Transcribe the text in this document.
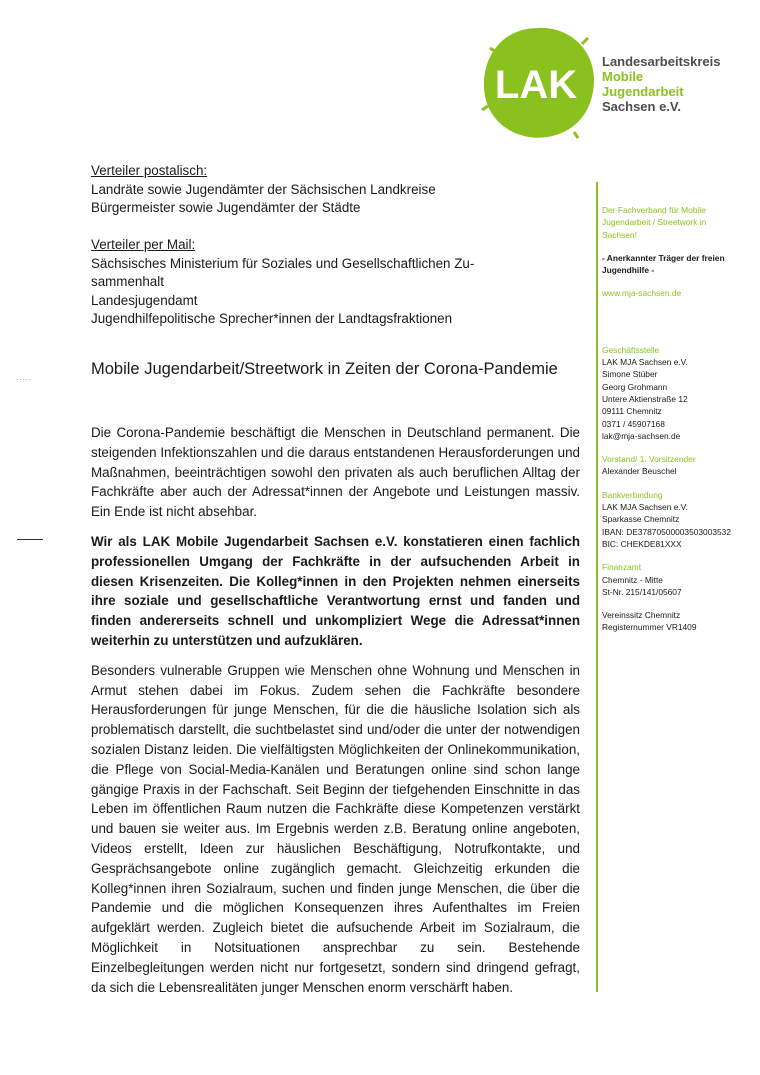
LAK
Landesarbeitskreis
Mobile Jugendarbeit
Sachsen e.V.
Verteiler postalisch:
Landräte sowie Jugendämter der Sächsischen Landkreise
Bürgermeister sowie Jugendämter der Städte
Verteiler per Mail:
Sächsisches Ministerium für Soziales und Gesellschaftlichen Zu-
sammenhalt
Landesjugendamt
Jugendhilfepolitische Sprecher*innen der Landtagsfraktionen
.....	Mobile Jugendarbeit/Streetwork in Zeiten der Corona-Pandemie

Die Corona-Pandemie beschäftigt die Menschen in Deutschland permanent. Die steigenden Infektionszahlen und die daraus entstandenen Herausforderungen und Maßnahmen, beeinträchtigen sowohl den privaten als auch beruflichen Alltag der Fachkräfte aber auch der Adressat*innen der Angebote und Leistungen massiv. Ein Ende ist nicht absehbar.

Wir als LAK Mobile Jugendarbeit Sachsen e.V. konstatieren einen fachlich professionellen Umgang der Fachkräfte in der aufsuchenden Arbeit in diesen Krisenzeiten. Die Kolleg*innen in den Projekten nehmen einerseits ihre soziale und gesellschaftliche Verantwortung ernst und fanden und finden andererseits schnell und unkompliziert Wege die Adressat*innen weiterhin zu unterstützen und aufzuklären.

Besonders vulnerable Gruppen wie Menschen ohne Wohnung und Menschen in Armut stehen dabei im Fokus. Zudem sehen die Fachkräfte besondere Herausforderungen für junge Menschen, für die die häusliche Isolation sich als problematisch darstellt, die suchtbelastet sind und/oder die unter der notwendigen sozialen Distanz leiden. Die vielfältigsten Möglichkeiten der Onlinekommunikation, die Pflege von Social-Media-Kanälen und Beratungen online sind schon lange gängige Praxis in der Fachschaft. Seit Beginn der tiefgehenden Einschnitte in das Leben im öffentlichen Raum nutzen die Fachkräfte diese Kompetenzen verstärkt und bauen sie weiter aus. Im Ergebnis werden z.B. Beratung online angeboten, Videos erstellt, Ideen zur häuslichen Beschäftigung, Notrufkontakte, und Gesprächsangebote online zugänglich gemacht. Gleichzeitig erkunden die Kolleg*innen ihren Sozialraum, suchen und finden junge Menschen, die über die Pandemie und die möglichen Konsequenzen ihres Aufenthaltes im Freien aufgeklärt werden. Zugleich bietet die aufsuchende Arbeit im Sozialraum, die Möglichkeit in Notsituationen ansprechbar zu sein. Bestehende Einzelbegleitungen werden nicht nur fortgesetzt, sondern sind dringend gefragt, da sich die Lebensrealitäten junger Menschen enorm verschärft haben.

Der Fachverband für Mobile
Jugendarbeit / Streetwork in
Sachsen!
- Anerkannter Träger der freien
Jugendhilfe -
www.mja-sachsen.de
Geschäftsstelle
LAK MJA Sachsen e.V.
Simone Stüber
Georg Grohmann
Untere Aktienstraße 12
09111 Chemnitz
0371 / 45907168
lak@mja-sachsen.de
Vorstand/ 1. Vorsitzender
Alexander Beuschel
Bankverbindung
LAK MJA Sachsen e.V.
Sparkasse Chemnitz
IBAN: DE37870500003503003532
BIC: CHEKDE81XXX
Finanzamt
Chemnitz - Mitte
St-Nr. 215/141/05607
Vereinssitz Chemnitz
Registernummer VR1409
